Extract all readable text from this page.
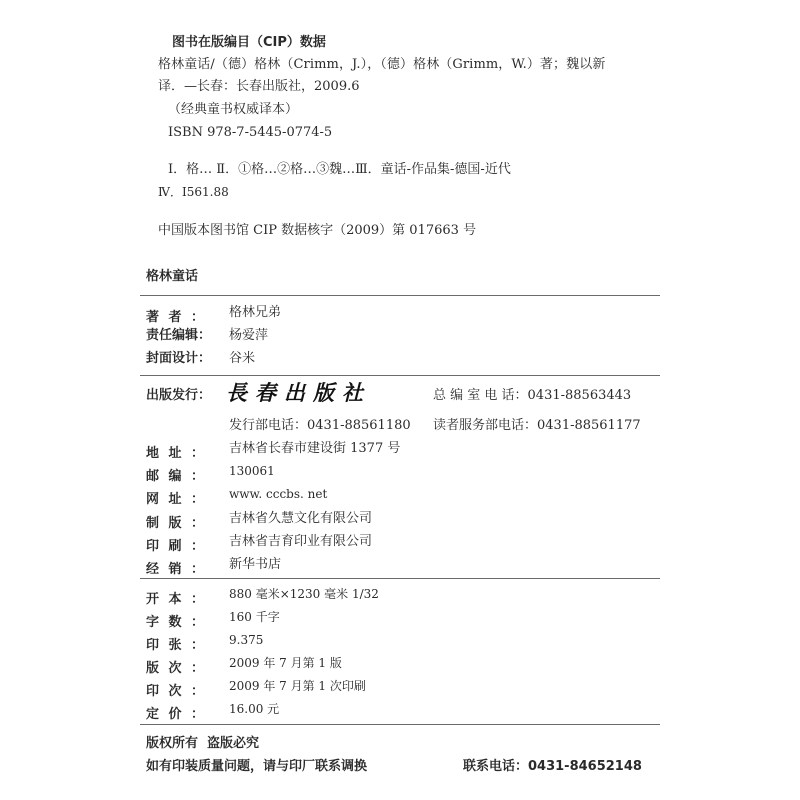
图书在版编目（CIP）数据
格林童话/（德）格林（Crimm，J.），（德）格林（Grimm，W.）著；魏以新
译．—长春：长春出版社，2009.6
（经典童书权威译本）
ISBN 978-7-5445-0774-5
Ⅰ．格… Ⅱ．①格…②格…③魏…Ⅲ．童话-作品集-德国-近代
Ⅳ．I561.88
中国版本图书馆 CIP 数据核字（2009）第 017663 号
格林童话
著者： 格林兄弟
责任编辑： 杨爱萍
封面设计： 谷米
出版发行： 長春出版社	总 编 室 电 话：0431-88563443
发行部电话：0431-88561180 读者服务部电话：0431-88561177
地址： 吉林省长春市建设街 1377 号
邮编： 130061
网址： www. cccbs. net
制版： 吉林省久慧文化有限公司
印刷： 吉林省吉育印业有限公司
经销： 新华书店
开本： 880 毫米×1230 毫米 1/32
字数： 160 千字
印张： 9.375
版次： 2009 年 7 月第 1 版
印次： 2009 年 7 月第 1 次印刷
定价： 16.00 元
版权所有  盗版必究
如有印装质量问题，请与印厂联系调换	联系电话：0431-84652148
